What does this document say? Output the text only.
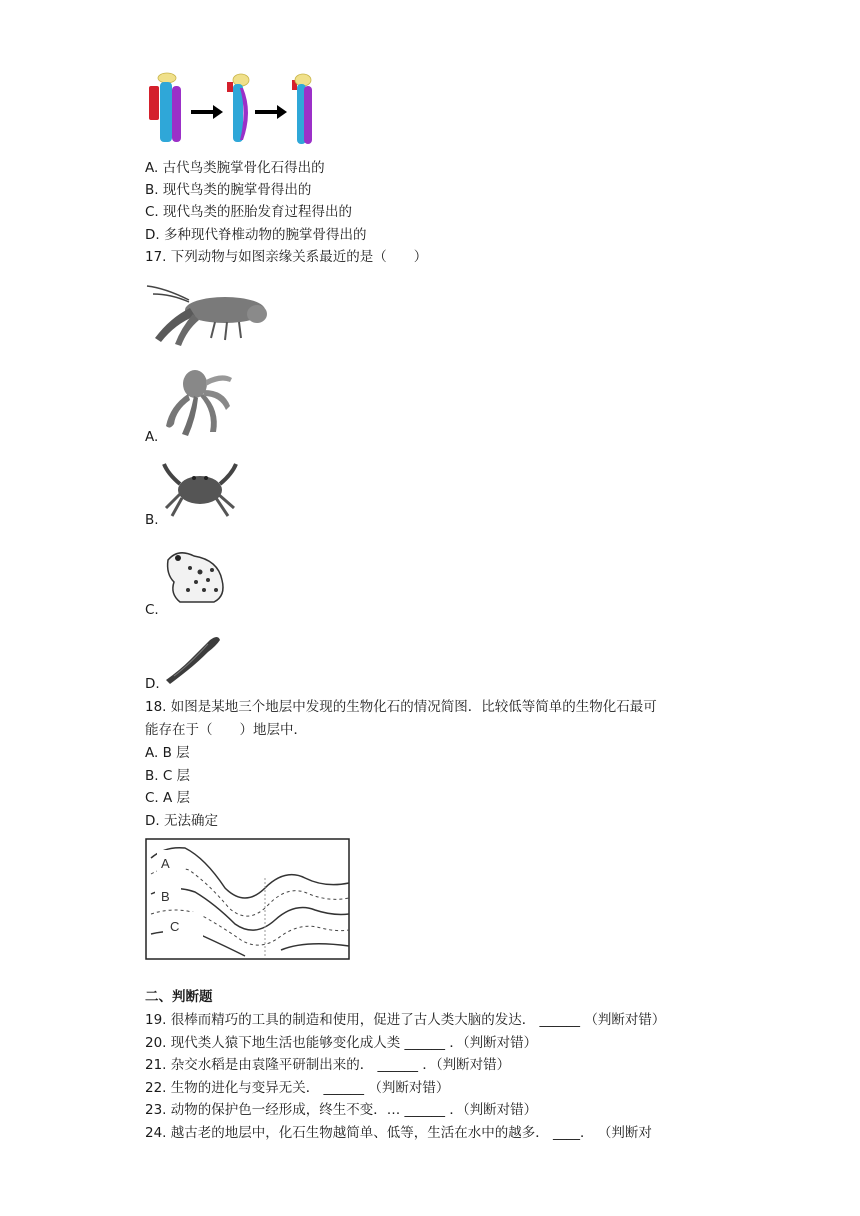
A. 古代鸟类腕掌骨化石得出的
B. 现代鸟类的腕掌骨得出的
C. 现代鸟类的胚胎发育过程得出的
D. 多种现代脊椎动物的腕掌骨得出的
17. 下列动物与如图亲缘关系最近的是（　　）
A.
B.
C.
D.
18. 如图是某地三个地层中发现的生物化石的情况简图．比较低等简单的生物化石最可
能存在于（　　）地层中．
A. B 层
B. C 层
C. A 层
D. 无法确定
A
B
C
二、判断题
19. 很棒而精巧的工具的制造和使用，促进了古人类大脑的发达． ______ （判断对错）
20. 现代类人猿下地生活也能够变化成人类 ______ ．（判断对错）
21. 杂交水稻是由袁隆平研制出来的． ______ ．（判断对错）
22. 生物的进化与变异无关． ______ （判断对错）
23. 动物的保护色一经形成，终生不变．… ______ ．（判断对错）
24. 越古老的地层中，化石生物越简单、低等，生活在水中的越多． ____． （判断对
